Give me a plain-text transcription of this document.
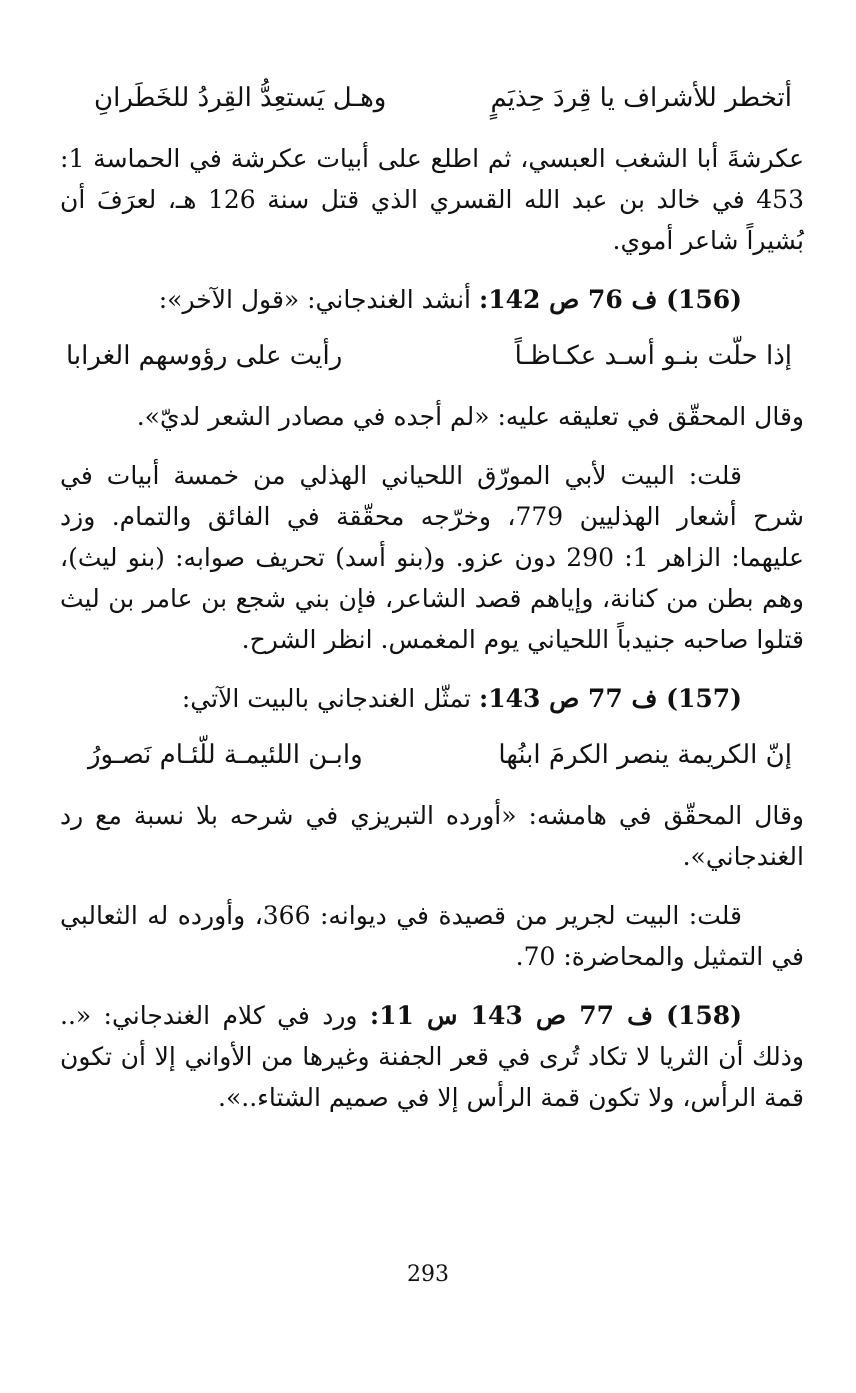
أتخطر للأشراف يا قِردَ حِذيَمٍ
وهـل يَستعِدُّ القِردُ للخَطَرانِ

عكرشةَ أبا الشغب العبسي، ثم اطلع على أبيات عكرشة في الحماسة 1: 453 في خالد بن عبد الله القسري الذي قتل سنة 126 هـ، لعرَفَ أن بُشيراً شاعر أموي.

(156) ف 76 ص 142: أنشد الغندجاني: «قول الآخر»:

إذا حلّت بنـو أسـد عكـاظـاً
رأيت على رؤوسهم الغرابا

وقال المحقّق في تعليقه عليه: «لم أجده في مصادر الشعر لديّ».

قلت: البيت لأبي المورّق اللحياني الهذلي من خمسة أبيات في شرح أشعار الهذليين 779، وخرّجه محقّقة في الفائق والتمام. وزد عليهما: الزاهر 1: 290 دون عزو. و(بنو أسد) تحريف صوابه: (بنو ليث)، وهم بطن من كنانة، وإياهم قصد الشاعر، فإن بني شجع بن عامر بن ليث قتلوا صاحبه جنيدباً اللحياني يوم المغمس. انظر الشرح.

(157) ف 77 ص 143: تمثّل الغندجاني بالبيت الآتي:

إنّ الكريمة ينصر الكرمَ ابنُها
وابـن اللئيمـة للّئـام نَصـورُ

وقال المحقّق في هامشه: «أورده التبريزي في شرحه بلا نسبة مع رد الغندجاني».

قلت: البيت لجرير من قصيدة في ديوانه: 366، وأورده له الثعالبي في التمثيل والمحاضرة: 70.

(158) ف 77 ص 143 س 11: ورد في كلام الغندجاني: «.. وذلك أن الثريا لا تكاد تُرى في قعر الجفنة وغيرها من الأواني إلا أن تكون قمة الرأس، ولا تكون قمة الرأس إلا في صميم الشتاء..».

293
